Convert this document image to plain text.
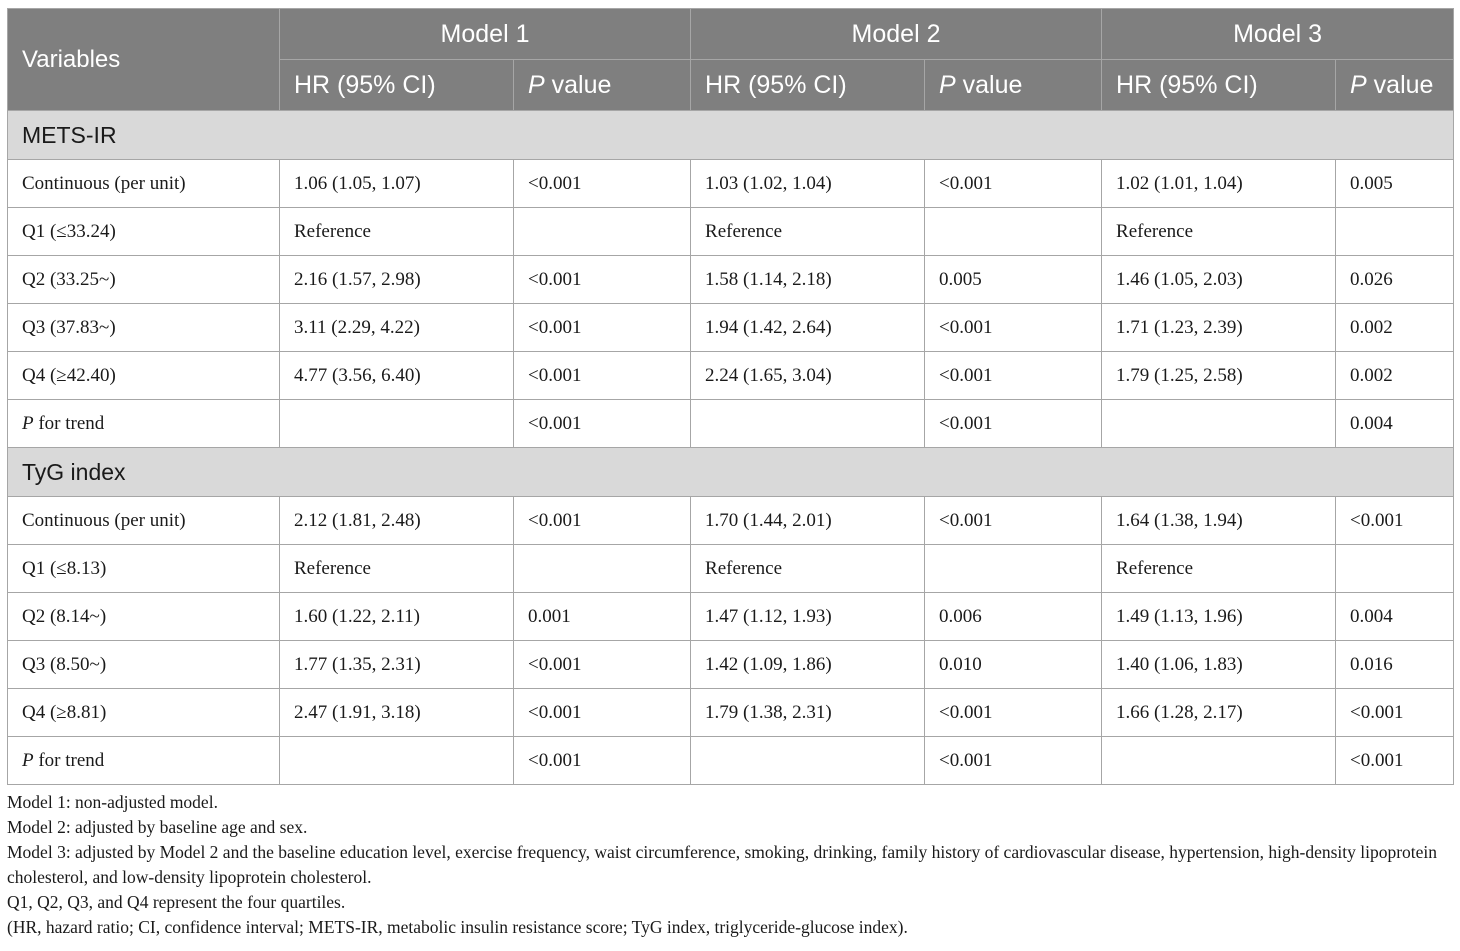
Variables	Model 1		Model 2		Model 3	
	HR (95% CI)	P value	HR (95% CI)	P value	HR (95% CI)	P value
METS-IR						
Continuous (per unit)	1.06 (1.05, 1.07)	<0.001	1.03 (1.02, 1.04)	<0.001	1.02 (1.01, 1.04)	0.005
Q1 (≤33.24)	Reference		Reference		Reference	
Q2 (33.25~)	2.16 (1.57, 2.98)	<0.001	1.58 (1.14, 2.18)	0.005	1.46 (1.05, 2.03)	0.026
Q3 (37.83~)	3.11 (2.29, 4.22)	<0.001	1.94 (1.42, 2.64)	<0.001	1.71 (1.23, 2.39)	0.002
Q4 (≥42.40)	4.77 (3.56, 6.40)	<0.001	2.24 (1.65, 3.04)	<0.001	1.79 (1.25, 2.58)	0.002
P for trend		<0.001		<0.001		0.004
TyG index						
Continuous (per unit)	2.12 (1.81, 2.48)	<0.001	1.70 (1.44, 2.01)	<0.001	1.64 (1.38, 1.94)	<0.001
Q1 (≤8.13)	Reference		Reference		Reference	
Q2 (8.14~)	1.60 (1.22, 2.11)	0.001	1.47 (1.12, 1.93)	0.006	1.49 (1.13, 1.96)	0.004
Q3 (8.50~)	1.77 (1.35, 2.31)	<0.001	1.42 (1.09, 1.86)	0.010	1.40 (1.06, 1.83)	0.016
Q4 (≥8.81)	2.47 (1.91, 3.18)	<0.001	1.79 (1.38, 2.31)	<0.001	1.66 (1.28, 2.17)	<0.001
P for trend		<0.001		<0.001		<0.001

Model 1: non-adjusted model.

Model 2: adjusted by baseline age and sex.

Model 3: adjusted by Model 2 and the baseline education level, exercise frequency, waist circumference, smoking, drinking, family history of cardiovascular disease, hypertension, high-density lipoprotein cholesterol, and low-density lipoprotein cholesterol.

Q1, Q2, Q3, and Q4 represent the four quartiles.

(HR, hazard ratio; CI, confidence interval; METS-IR, metabolic insulin resistance score; TyG index, triglyceride-glucose index).
